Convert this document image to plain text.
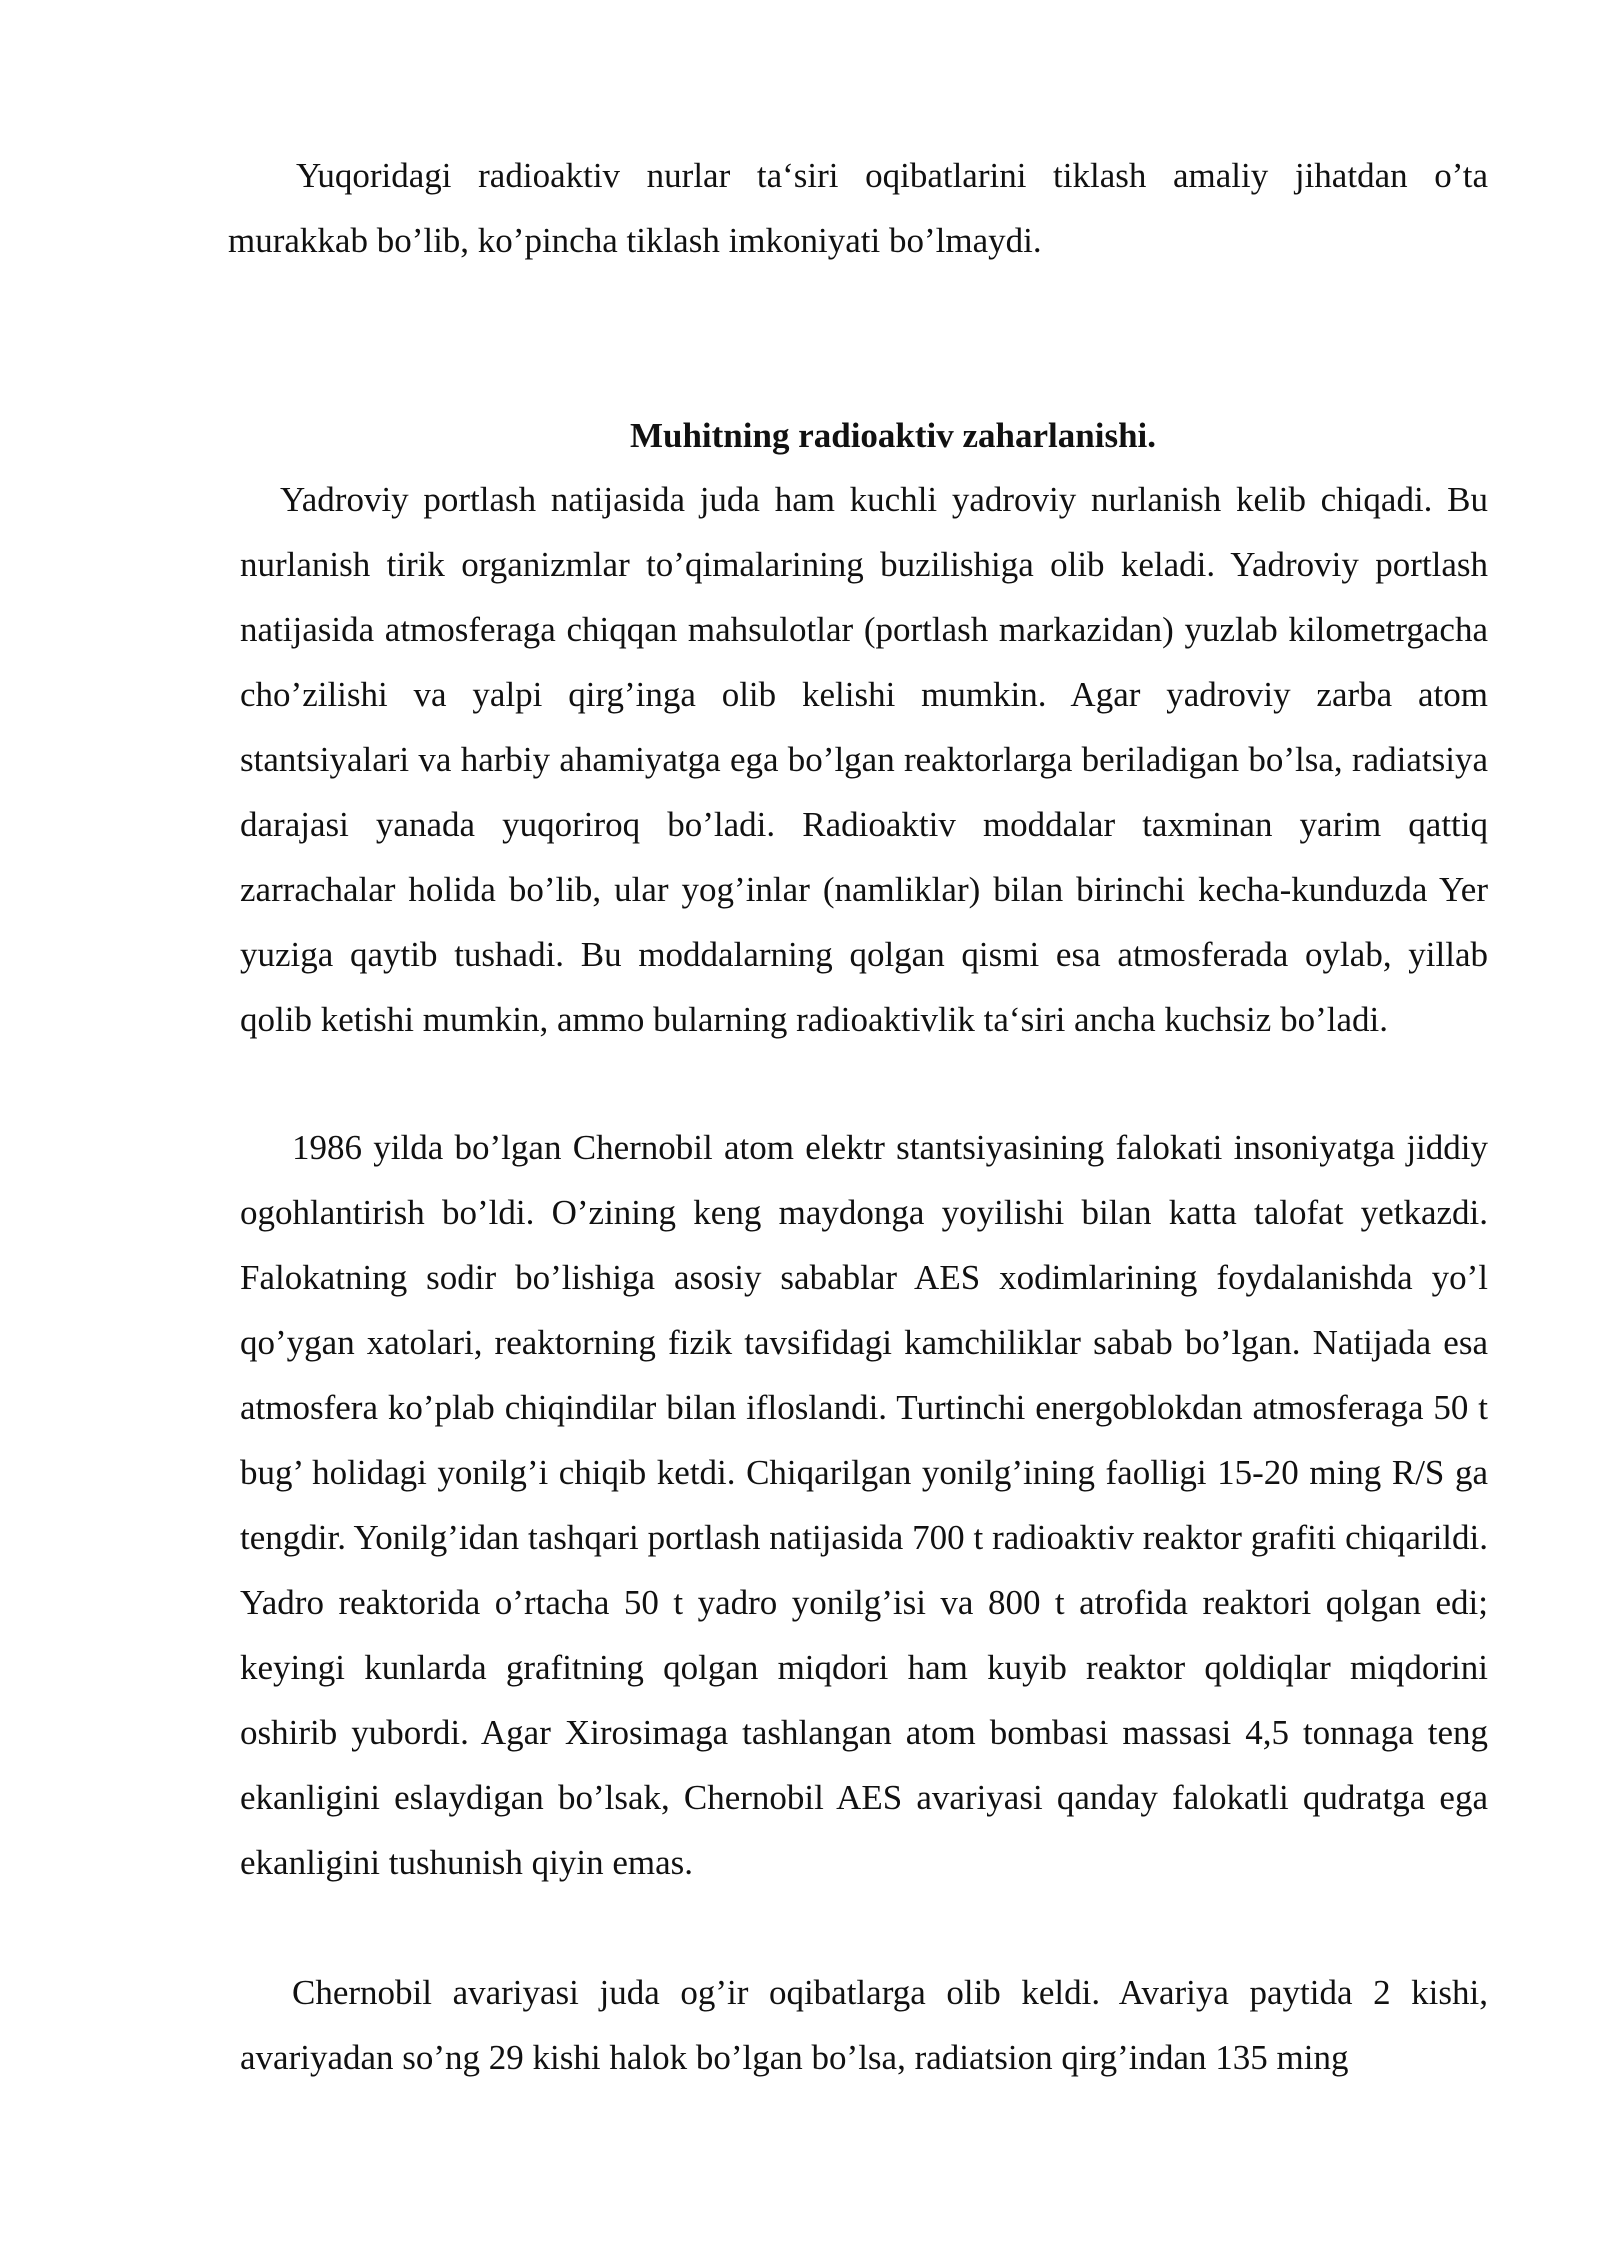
Yuqoridagi radioaktiv nurlar ta‘siri oqibatlarini tiklash amaliy jihatdan o’ta murakkab bo’lib, ko’pincha tiklash imkoniyati bo’lmaydi.

Muhitning radioaktiv zaharlanishi.

Yadroviy portlash natijasida juda ham kuchli yadroviy nurlanish kelib chiqadi. Bu nurlanish tirik organizmlar to’qimalarining buzilishiga olib keladi. Yadroviy portlash natijasida atmosferaga chiqqan mahsulotlar (portlash markazidan) yuzlab kilometrgacha cho’zilishi va yalpi qirg’inga olib kelishi mumkin. Agar yadroviy zarba atom stantsiyalari va harbiy ahamiyatga ega bo’lgan reaktorlarga beriladigan bo’lsa, radiatsiya darajasi yanada yuqoriroq bo’ladi. Radioaktiv moddalar taxminan yarim qattiq zarrachalar holida bo’lib, ular yog’inlar (namliklar) bilan birinchi kecha-kunduzda Yer yuziga qaytib tushadi. Bu moddalarning qolgan qismi esa atmosferada oylab, yillab qolib ketishi mumkin, ammo bularning radioaktivlik ta‘siri ancha kuchsiz bo’ladi.

1986 yilda bo’lgan Chernobil atom elektr stantsiyasining falokati insoniyatga jiddiy ogohlantirish bo’ldi. O’zining keng maydonga yoyilishi bilan katta talofat yetkazdi. Falokatning sodir bo’lishiga asosiy sabablar AES xodimlarining foydalanishda yo’l qo’ygan xatolari, reaktorning fizik tavsifidagi kamchiliklar sabab bo’lgan. Natijada esa atmosfera ko’plab chiqindilar bilan ifloslandi. Turtinchi energoblokdan atmosferaga 50 t bug’ holidagi yonilg’i chiqib ketdi. Chiqarilgan yonilg’ining faolligi 15-20 ming R/S ga tengdir. Yonilg’idan tashqari portlash natijasida 700 t radioaktiv reaktor grafiti chiqarildi. Yadro reaktorida o’rtacha 50 t yadro yonilg’isi va 800 t atrofida reaktori qolgan edi; keyingi kunlarda grafitning qolgan miqdori ham kuyib reaktor qoldiqlar miqdorini oshirib yubordi. Agar Xirosimaga tashlangan atom bombasi massasi 4,5 tonnaga teng ekanligini eslaydigan bo’lsak, Chernobil AES avariyasi qanday falokatli qudratga ega ekanligini tushunish qiyin emas.

Chernobil avariyasi juda og’ir oqibatlarga olib keldi. Avariya paytida 2 kishi, avariyadan so’ng 29 kishi halok bo’lgan bo’lsa, radiatsion qirg’indan 135 ming
